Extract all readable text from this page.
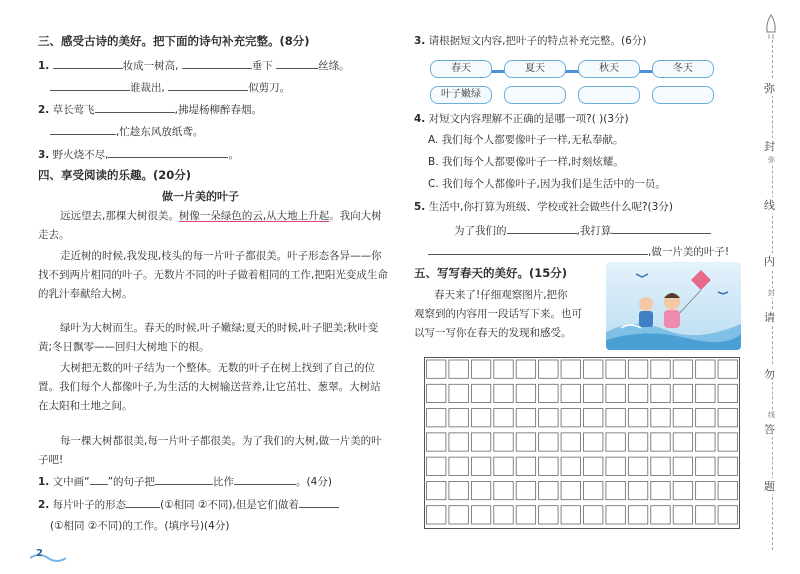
三、感受古诗的美好。把下面的诗句补充完整。(8分)
1.	妆成一树高,	垂下	丝绦。
谁裁出,	似剪刀。
2. 草长莺飞	,拂堤杨柳醉春烟。
,忙趁东风放纸鸢。
3. 野火烧不尽,	。
四、享受阅读的乐趣。(20分)
做一片美的叶子
远远望去,那棵大树很美。树像一朵绿色的云,从大地上升起。我向大树走去。
走近树的时候,我发现,枝头的每一片叶子都很美。叶子形态各异——你找不到两片相同的叶子。无数片不同的叶子做着相同的工作,把阳光变成生命的乳汁奉献给大树。
绿叶为大树而生。春天的时候,叶子嫩绿;夏天的时候,叶子肥美;秋叶变黄;冬日飘零——回归大树地下的根。
大树把无数的叶子结为一个整体。无数的叶子在树上找到了自己的位置。我们每个人都像叶子,为生活的大树输送营养,让它茁壮、葱翠。大树站在太阳和土地之间。
每一棵大树都很美,每一片叶子都很美。为了我们的大树,做一片美的叶子吧!
1. 文中画“ ”的句子把	比作	。(4分)
2. 每片叶子的形态	(①相同 ②不同),但是它们做着
(①相同 ②不同)的工作。(填序号)(4分)
3. 请根据短文内容,把叶子的特点补充完整。(6分)
春天	夏天	秋天	冬天
叶子嫩绿
4. 对短文内容理解不正确的是哪一项?( )(3分)
A. 我们每个人都要像叶子一样,无私奉献。
B. 我们每个人都要像叶子一样,时刻炫耀。
C. 我们每个人都像叶子,因为我们是生活中的一员。
5. 生活中,你打算为班级、学校或社会做些什么呢?(3分)
为了我们的	,我打算
,做一片美的叶子!
五、写写春天的美好。(15分)
春天来了!仔细观察图片,把你
观察到的内容用一段话写下来。也可
以写一写你在春天的发现和感受。
弥
弥
封
线
内
封
请
勿
线
答
题
2
